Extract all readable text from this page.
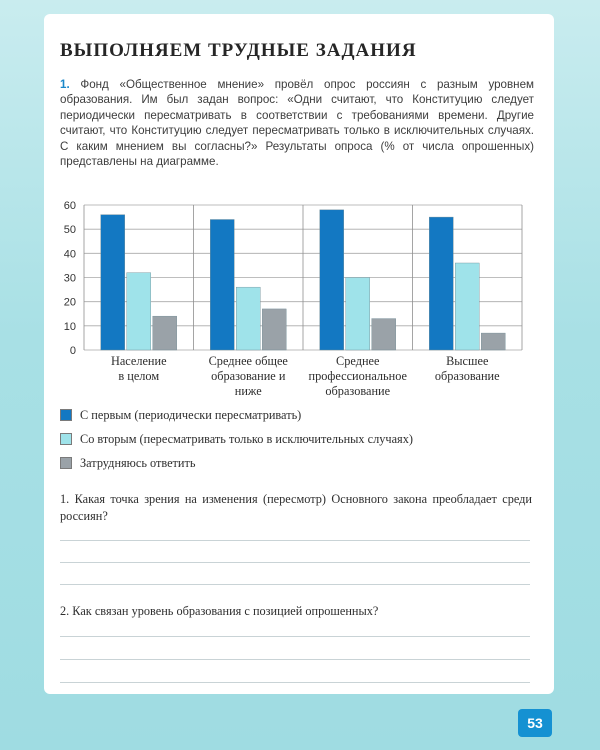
ВЫПОЛНЯЕМ ТРУДНЫЕ ЗАДАНИЯ

1. Фонд «Общественное мнение» провёл опрос россиян с разным уровнем образования. Им был задан вопрос: «Одни считают, что Конституцию следует периодически пересматривать в соответствии с требованиями времени. Другие считают, что Конституцию следует пересматривать только в исключительных случаях. С каким мнением вы согласны?» Результаты опроса (% от числа опрошенных) представлены на диаграмме.

0
10
20
30
40
50
60
Население
в целом
Среднее общее
образование и
ниже
Среднее
профессиональное
образование
Высшее
образование
С первым (периодически пересматривать)
Со вторым (пересматривать только в исключительных случаях)
Затрудняюсь ответить

1. Какая точка зрения на изменения (пересмотр) Основного закона преобладает среди россиян?

2. Как связан уровень образования с позицией опрошенных?

53
